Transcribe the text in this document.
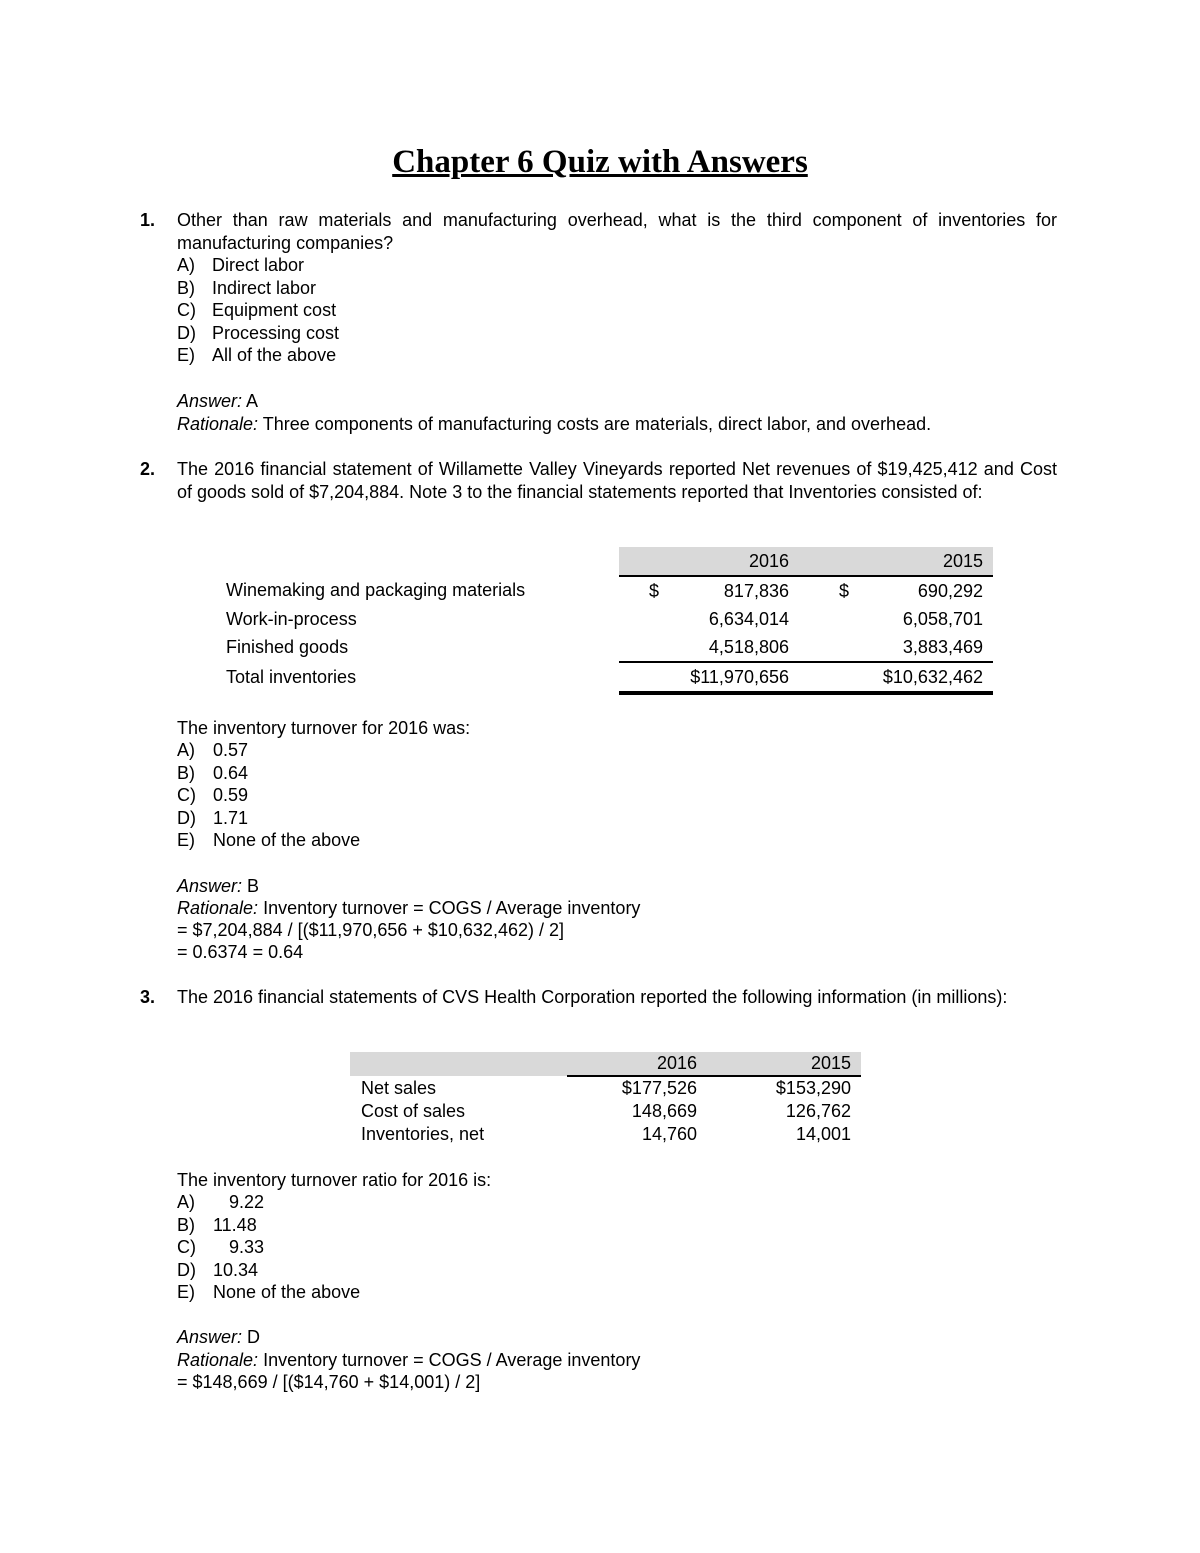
Chapter 6 Quiz with Answers
1. Other than raw materials and manufacturing overhead, what is the third component of inventories for manufacturing companies?
A) Direct labor
B) Indirect labor
C) Equipment cost
D) Processing cost
E) All of the above
Answer: A
Rationale: Three components of manufacturing costs are materials, direct labor, and overhead.
2. The 2016 financial statement of Willamette Valley Vineyards reported Net revenues of $19,425,412 and Cost of goods sold of $7,204,884. Note 3 to the financial statements reported that Inventories consisted of:
	2016	2015
Winemaking and packaging materials	$ 817,836	$ 690,292
Work-in-process	6,634,014	6,058,701
Finished goods	4,518,806	3,883,469
Total inventories	$11,970,656	$10,632,462
The inventory turnover for 2016 was:
A) 0.57
B) 0.64
C) 0.59
D) 1.71
E) None of the above
Answer: B
Rationale: Inventory turnover = COGS / Average inventory
= $7,204,884 / [($11,970,656 + $10,632,462) / 2]
= 0.6374 = 0.64
3. The 2016 financial statements of CVS Health Corporation reported the following information (in millions):
	2016	2015
Net sales	$177,526	$153,290
Cost of sales	148,669	126,762
Inventories, net	14,760	14,001
The inventory turnover ratio for 2016 is:
A) 9.22
B) 11.48
C) 9.33
D) 10.34
E) None of the above
Answer: D
Rationale: Inventory turnover = COGS / Average inventory
= $148,669 / [($14,760 + $14,001) / 2]
